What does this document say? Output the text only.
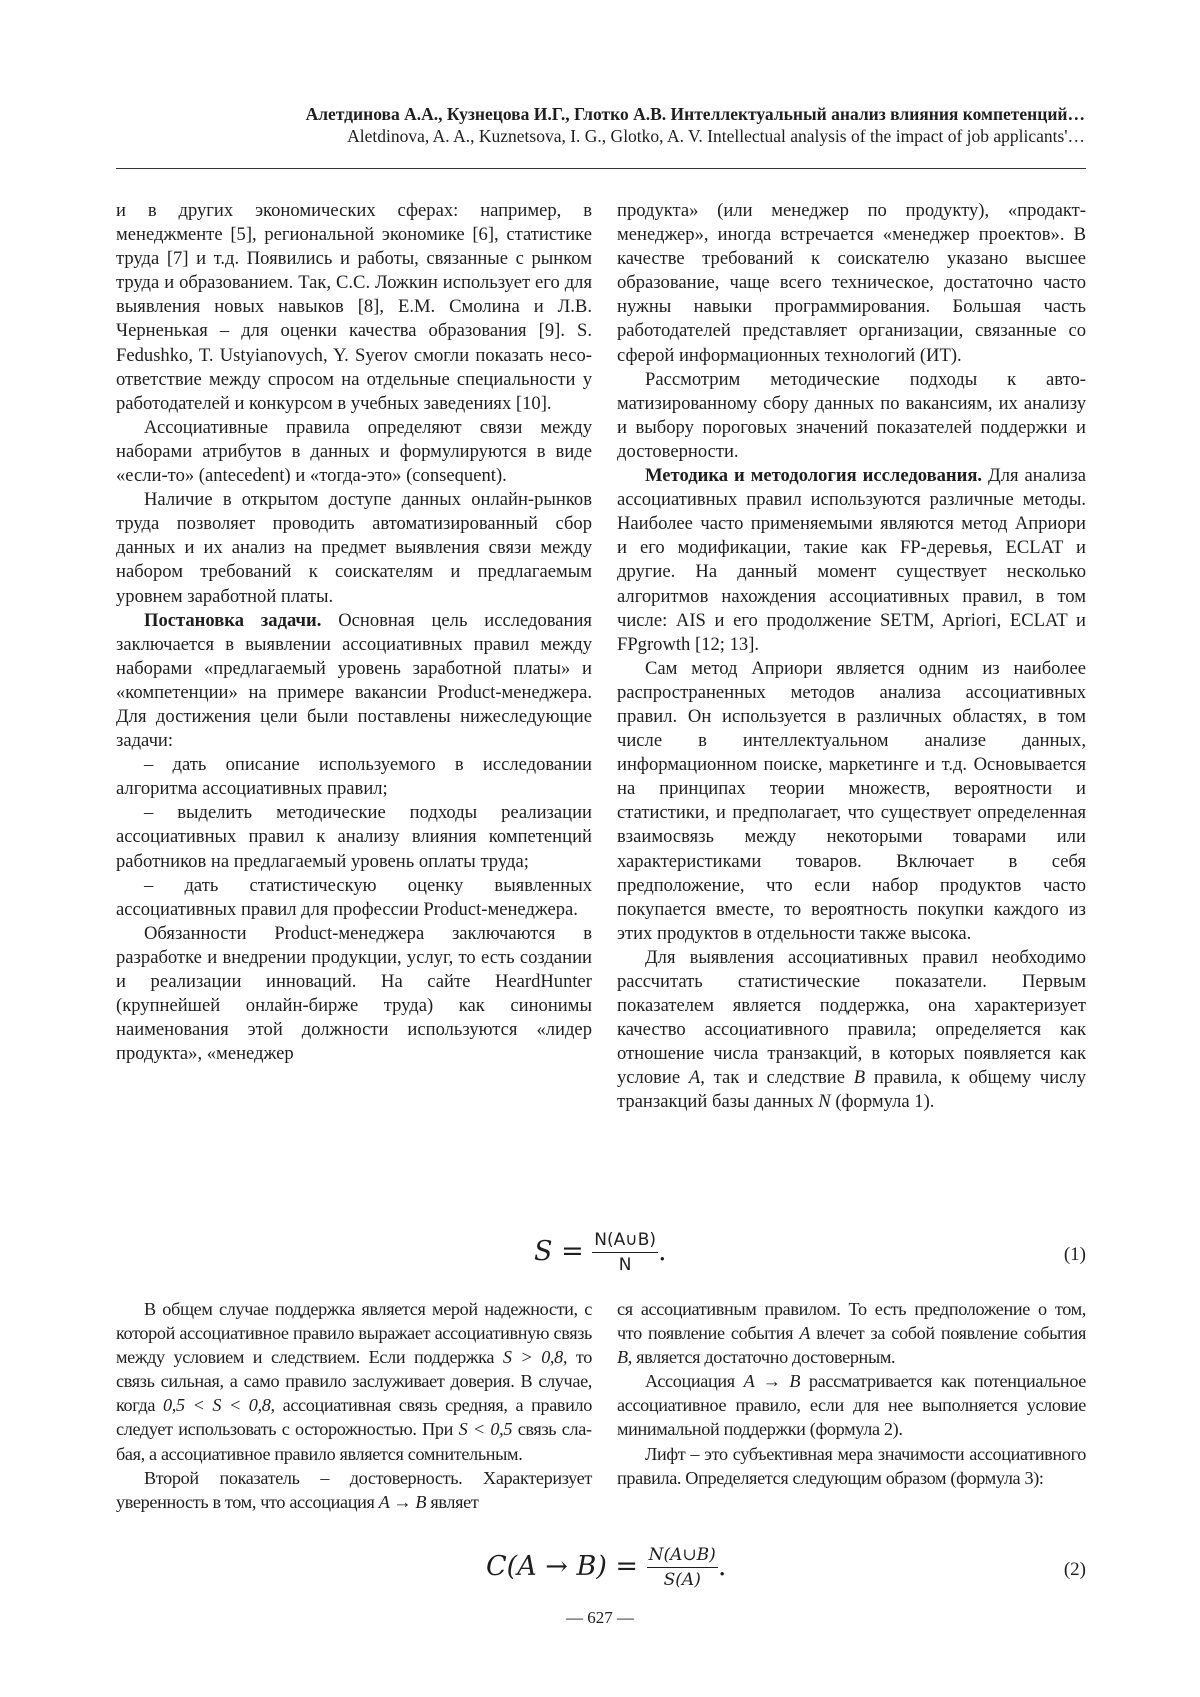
Алетдинова А.А., Кузнецова И.Г., Глотко А.В. Интеллектуальный анализ влияния компетенций…
Aletdinova, A. A., Kuznetsova, I. G., Glotko, A. V. Intellectual analysis of the impact of job applicants'…

и в других экономических сферах: например, в менеджменте [5], региональной экономике [6], статистике труда [7] и т.д. Появились и работы, связанные с рынком труда и образованием. Так, С.С. Ложкин использует его для выявления новых навыков [8], Е.М. Смолина и Л.В. Черненькая – для оценки качества образования [9]. S. Fedushko, T. Ustyianovych, Y. Syerov смогли показать несоответствие между спросом на отдельные специальности у работодателей и конкурсом в учебных заведениях [10].

Ассоциативные правила определяют связи между наборами атрибутов в данных и формулируются в виде «если-то» (antecedent) и «тогда-это» (consequent).

Наличие в открытом доступе данных онлайн-рынков труда позволяет проводить автоматизированный сбор данных и их анализ на предмет выявления связи между набором требований к соискателям и предлагаемым уровнем заработной платы.

Постановка задачи. Основная цель исследования заключается в выявлении ассоциативных правил между наборами «предлагаемый уровень заработной платы» и «компетенции» на примере вакансии Product-менеджера. Для достижения цели были поставлены нижеследующие задачи:

– дать описание используемого в исследовании алгоритма ассоциативных правил;

– выделить методические подходы реализации ассоциативных правил к анализу влияния компетенций работников на предлагаемый уровень оплаты труда;

– дать статистическую оценку выявленных ассоциативных правил для профессии Product-менеджера.

Обязанности Product-менеджера заключаются в разработке и внедрении продукции, услуг, то есть создании и реализации инноваций. На сайте HeardHunter (крупнейшей онлайн-бирже труда) как синонимы наименования этой должности используются «лидер продукта», «менеджер

продукта» (или менеджер по продукту), «продакт-менеджер», иногда встречается «менеджер проектов». В качестве требований к соискателю указано высшее образование, чаще всего техническое, достаточно часто нужны навыки программирования. Большая часть работодателей представляет организации, связанные со сферой информационных технологий (ИТ).

Рассмотрим методические подходы к автоматизированному сбору данных по вакансиям, их анализу и выбору пороговых значений показателей поддержки и достоверности.

Методика и методология исследования. Для анализа ассоциативных правил используются различные методы. Наиболее часто применяемыми являются метод Априори и его модификации, такие как FP-деревья, ECLAT и другие. На данный момент существует несколько алгоритмов нахождения ассоциативных правил, в том числе: AIS и его продолжение SETM, Apriori, ECLAT и FPgrowth [12; 13].

Сам метод Априори является одним из наиболее распространенных методов анализа ассоциативных правил. Он используется в различных областях, в том числе в интеллектуальном анализе данных, информационном поиске, маркетинге и т.д. Основывается на принципах теории множеств, вероятности и статистики, и предполагает, что существует определенная взаимосвязь между некоторыми товарами или характеристиками товаров. Включает в себя предположение, что если набор продуктов часто покупается вместе, то вероятность покупки каждого из этих продуктов в отдельности также высока.

Для выявления ассоциативных правил необходимо рассчитать статистические показатели. Первым показателем является поддержка, она характеризует качество ассоциативного правила; определяется как отношение числа транзакций, в которых появляется как условие A, так и следствие B правила, к общему числу транзакций базы данных N (формула 1).

$S = \frac{N(A\cup B)}{N}$ .	(1)

В общем случае поддержка является мерой надежности, с которой ассоциативное правило выражает ассоциативную связь между условием и следствием. Если поддержка S > 0,8, то связь сильная, а само правило заслуживает доверия. В случае, когда 0,5 < S < 0,8, ассоциативная связь средняя, а правило следует использовать с осторожностью. При S < 0,5 связь слабая, а ассоциативное правило является сомнительным.

Второй показатель – достоверность. Характеризует уверенность в том, что ассоциация A → B являет

ся ассоциативным правилом. То есть предположение о том, что появление события A влечет за собой появление события B, является достаточно достоверным.

Ассоциация A → B рассматривается как потенциальное ассоциативное правило, если для нее выполняется условие минимальной поддержки (формула 2).

Лифт – это субъективная мера значимости ассоциативного правила. Определяется следующим образом (формула 3):

$C(A \to B) = \frac{N(A\cup B)}{S(A)}$ .	(2)
— 627 —
